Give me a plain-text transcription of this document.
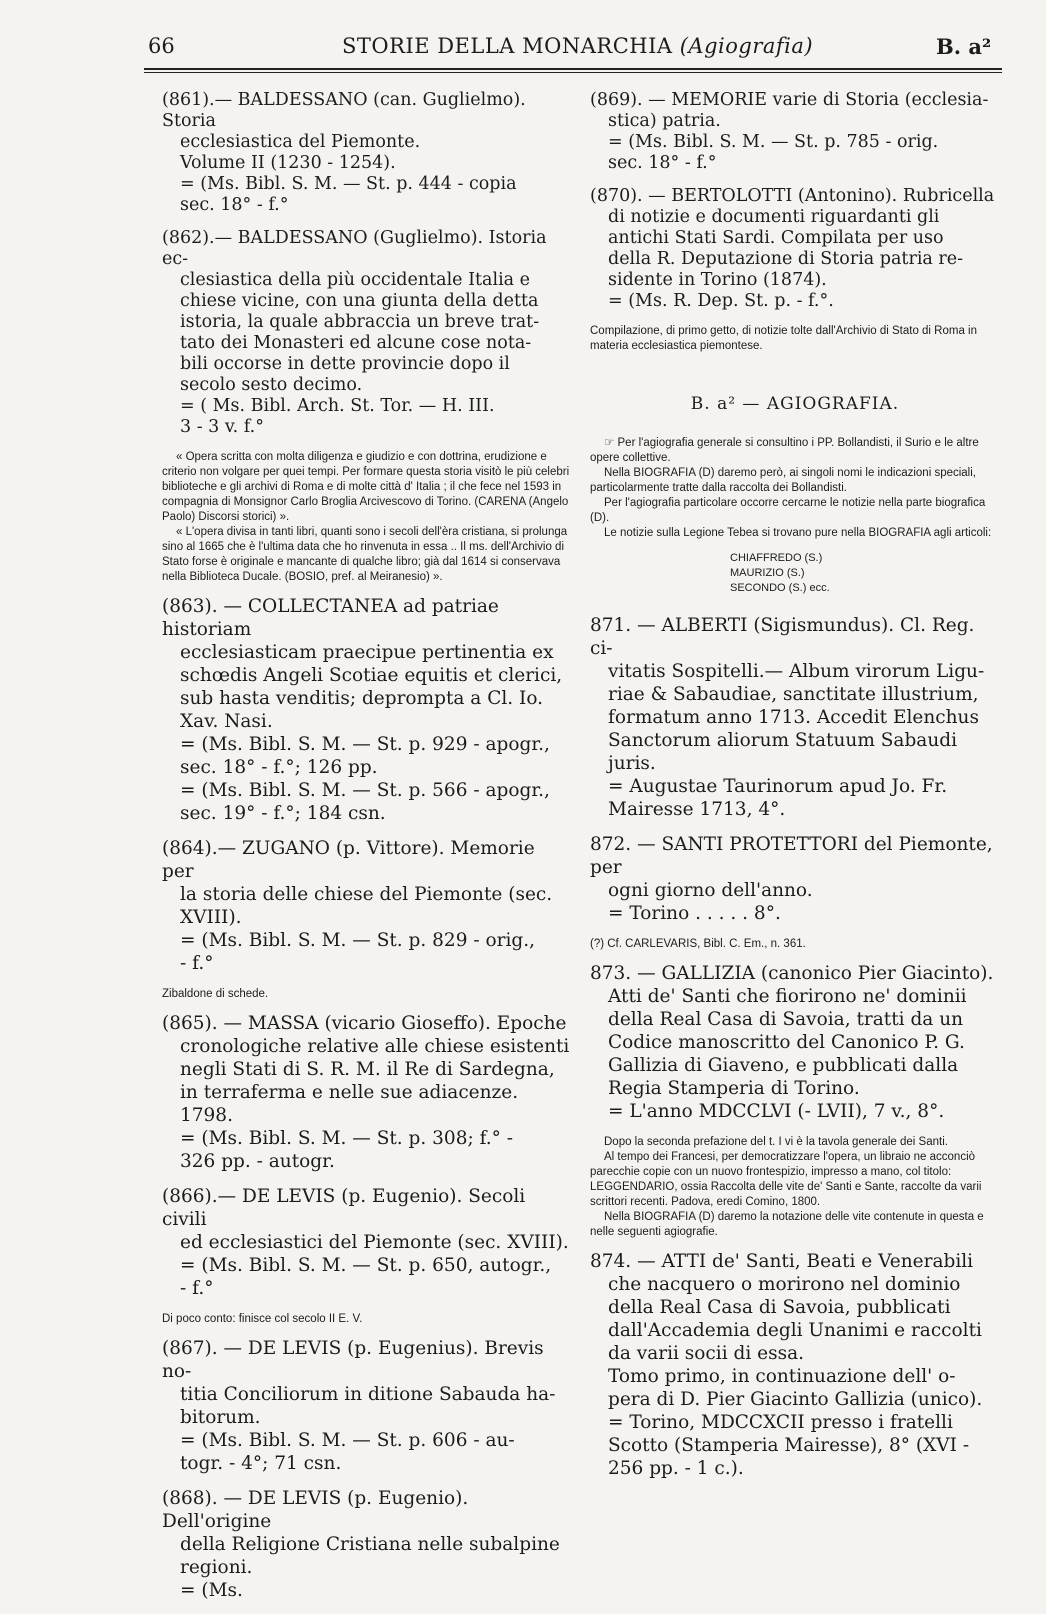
66	STORIE DELLA MONARCHIA (Agiografia)	B. a²

(861).— BALDESSANO (can. Guglielmo). Storia

ecclesiastica del Piemonte.

Volume II (1230 - 1254).

= (Ms. Bibl. S. M. — St. p. 444 - copia

sec. 18° - f.°

(862).— BALDESSANO (Guglielmo). Istoria ec-

clesiastica della più occidentale Italia e

chiese vicine, con una giunta della detta

istoria, la quale abbraccia un breve trat-

tato dei Monasteri ed alcune cose nota-

bili occorse in dette provincie dopo il

secolo sesto decimo.

= ( Ms. Bibl. Arch. St. Tor. — H. III.

3 - 3 v. f.°

« Opera scritta con molta diligenza e giudizio e con dottrina, erudizione e criterio non volgare per quei tempi. Per formare questa storia visitò le più celebri biblioteche e gli archivi di Roma e di molte città d' Italia ; il che fece nel 1593 in compagnia di Monsignor Carlo Broglia Arcivescovo di Torino. (CARENA (Angelo Paolo) Discorsi storici) ».

« L'opera divisa in tanti libri, quanti sono i secoli dell'èra cristiana, si prolunga sino al 1665 che è l'ultima data che ho rinvenuta in essa .. Il ms. dell'Archivio di Stato forse è originale e mancante di qualche libro; già dal 1614 si conservava nella Biblioteca Ducale. (BOSIO, pref. al Meiranesio) ».

(863). — COLLECTANEA ad patriae historiam

ecclesiasticam praecipue pertinentia ex

schœdis Angeli Scotiae equitis et clerici,

sub hasta venditis; deprompta a Cl. Io.

Xav. Nasi.

= (Ms. Bibl. S. M. — St. p. 929 - apogr.,

sec. 18° - f.°; 126 pp.

= (Ms. Bibl. S. M. — St. p. 566 - apogr.,

sec. 19° - f.°; 184 csn.

(864).— ZUGANO (p. Vittore). Memorie per

la storia delle chiese del Piemonte (sec.

XVIII).

= (Ms. Bibl. S. M. — St. p. 829 - orig.,

- f.°

Zibaldone di schede.

(865). — MASSA (vicario Gioseffo). Epoche

cronologiche relative alle chiese esistenti

negli Stati di S. R. M. il Re di Sardegna,

in terraferma e nelle sue adiacenze. 1798.

= (Ms. Bibl. S. M. — St. p. 308; f.° -

326 pp. - autogr.

(866).— DE LEVIS (p. Eugenio). Secoli civili

ed ecclesiastici del Piemonte (sec. XVIII).

= (Ms. Bibl. S. M. — St. p. 650, autogr.,

- f.°

Di poco conto: finisce col secolo II E. V.

(867). — DE LEVIS (p. Eugenius). Brevis no-

titia Conciliorum in ditione Sabauda ha-

bitorum.

= (Ms. Bibl. S. M. — St. p. 606 - au-

togr. - 4°; 71 csn.

(868). — DE LEVIS (p. Eugenio). Dell'origine

della Religione Cristiana nelle subalpine

regioni.

= (Ms.

(869). — MEMORIE varie di Storia (ecclesia-

stica) patria.

= (Ms. Bibl. S. M. — St. p. 785 - orig.

sec. 18° - f.°

(870). — BERTOLOTTI (Antonino). Rubricella

di notizie e documenti riguardanti gli

antichi Stati Sardi. Compilata per uso

della R. Deputazione di Storia patria re-

sidente in Torino (1874).

= (Ms. R. Dep. St. p. - f.°.

Compilazione, di primo getto, di notizie tolte dall'Archivio di Stato di Roma in materia ecclesiastica piemontese.

B. a² — AGIOGRAFIA.

☞ Per l'agiografia generale si consultino i PP. Bollandisti, il Surio e le altre opere collettive.

Nella BIOGRAFIA (D) daremo però, ai singoli nomi le indicazioni speciali, particolarmente tratte dalla raccolta dei Bollandisti.

Per l'agiografia particolare occorre cercarne le notizie nella parte biografica (D).

Le notizie sulla Legione Tebea si trovano pure nella BIOGRAFIA agli articoli:

CHIAFFREDO (S.)
MAURIZIO (S.)
SECONDO (S.) ecc.

871. — ALBERTI (Sigismundus). Cl. Reg. ci-

vitatis Sospitelli.— Album virorum Ligu-

riae & Sabaudiae, sanctitate illustrium,

formatum anno 1713. Accedit Elenchus

Sanctorum aliorum Statuum Sabaudi juris.

= Augustae Taurinorum apud Jo. Fr.

Mairesse 1713, 4°.

872. — SANTI PROTETTORI del Piemonte, per

ogni giorno dell'anno.

= Torino . . . . . 8°.

(?) Cf. CARLEVARIS, Bibl. C. Em., n. 361.

873. — GALLIZIA (canonico Pier Giacinto).

Atti de' Santi che fiorirono ne' dominii

della Real Casa di Savoia, tratti da un

Codice manoscritto del Canonico P. G.

Gallizia di Giaveno, e pubblicati dalla

Regia Stamperia di Torino.

= L'anno MDCCLVI (- LVII), 7 v., 8°.

Dopo la seconda prefazione del t. I vi è la tavola generale dei Santi.

Al tempo dei Francesi, per democratizzare l'opera, un libraio ne acconciò parecchie copie con un nuovo frontespizio, impresso a mano, col titolo: LEGGENDARIO, ossia Raccolta delle vite de' Santi e Sante, raccolte da varii scrittori recenti. Padova, eredi Comino, 1800.

Nella BIOGRAFIA (D) daremo la notazione delle vite contenute in questa e nelle seguenti agiografie.

874. — ATTI de' Santi, Beati e Venerabili

che nacquero o morirono nel dominio

della Real Casa di Savoia, pubblicati

dall'Accademia degli Unanimi e raccolti

da varii socii di essa.

Tomo primo, in continuazione dell' o-

pera di D. Pier Giacinto Gallizia (unico).

= Torino, MDCCXCII presso i fratelli

Scotto (Stamperia Mairesse), 8° (XVI -

256 pp. - 1 c.).
